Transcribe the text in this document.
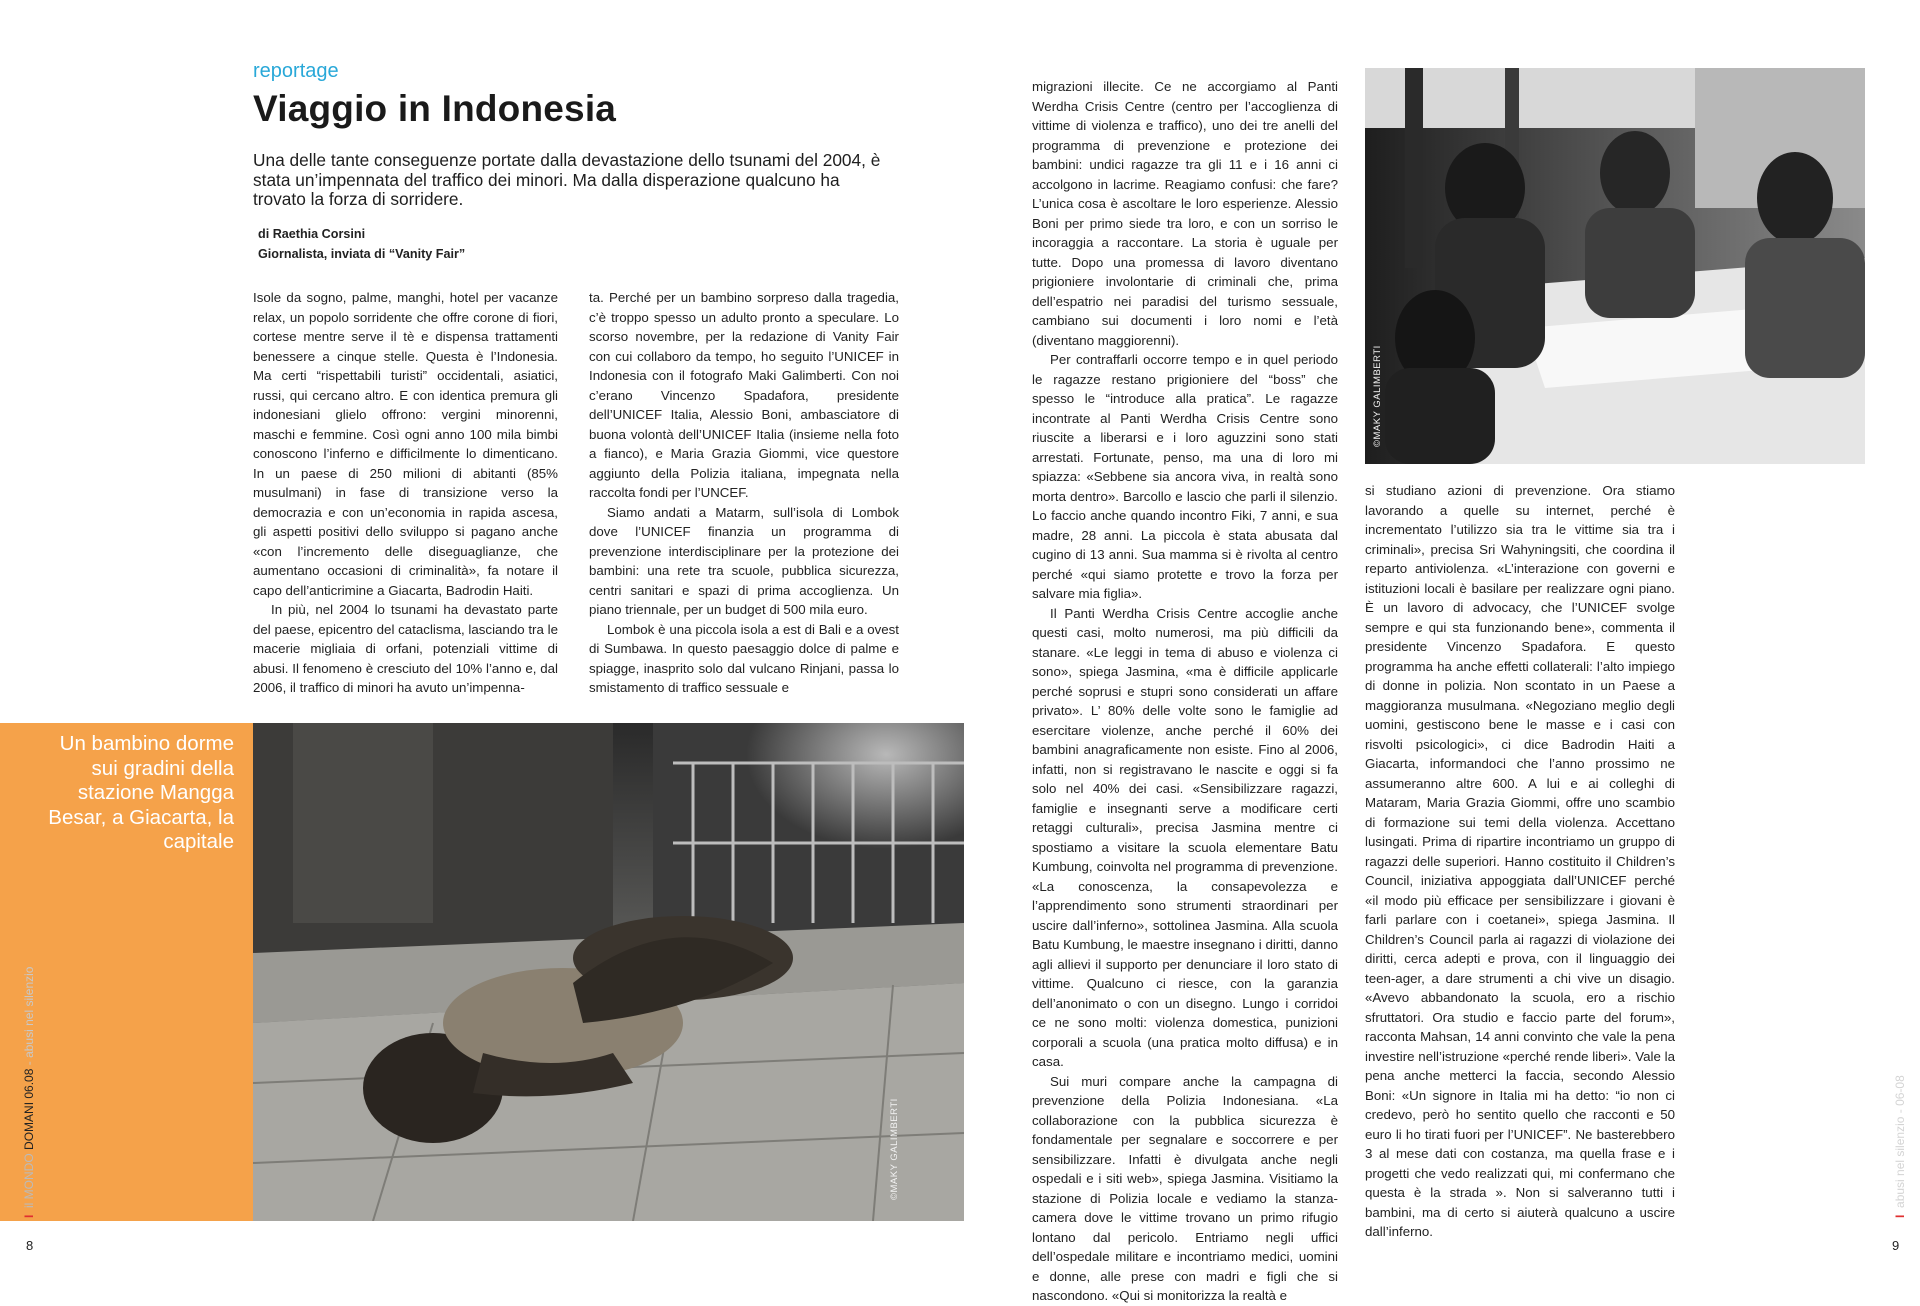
reportage
Viaggio in Indonesia

Una delle tante conseguenze portate dalla devastazione dello tsunami del 2004, è stata un’impennata del traffico dei minori. Ma dalla disperazione qualcuno ha trovato la forza di sorridere.

di Raethia Corsini
Giornalista, inviata di “Vanity Fair”

Isole da sogno, palme, manghi, hotel per vacanze relax, un popolo sorridente che offre corone di fiori, cortese mentre serve il tè e dispensa trattamenti benessere a cinque stelle. Questa è l’Indonesia. Ma certi “rispettabili turisti” occidentali, asiatici, russi, qui cercano altro. E con identica premura gli indonesiani glielo offrono: vergini minorenni, maschi e femmine. Così ogni anno 100 mila bimbi conoscono l’inferno e difficilmente lo dimenticano. In un paese di 250 milioni di abitanti (85% musulmani) in fase di transizione verso la democrazia e con un’economia in rapida ascesa, gli aspetti positivi dello sviluppo si pagano anche «con l’incremento delle diseguaglianze, che aumentano occasioni di criminalità», fa notare il capo dell’anticrimine a Giacarta, Badrodin Haiti.

In più, nel 2004 lo tsunami ha devastato parte del paese, epicentro del cataclisma, lasciando tra le macerie migliaia di orfani, potenziali vittime di abusi. Il fenomeno è cresciuto del 10% l’anno e, dal 2006, il traffico di minori ha avuto un’impenna-

ta. Perché per un bambino sorpreso dalla tragedia, c’è troppo spesso un adulto pronto a speculare. Lo scorso novembre, per la redazione di Vanity Fair con cui collaboro da tempo, ho seguito l’UNICEF in Indonesia con il fotografo Maki Galimberti. Con noi c’erano Vincenzo Spadafora, presidente dell’UNICEF Italia, Alessio Boni, ambasciatore di buona volontà dell’UNICEF Italia (insieme nella foto a fianco), e Maria Grazia Giommi, vice questore aggiunto della Polizia italiana, impegnata nella raccolta fondi per l’UNCEF.

Siamo andati a Matarm, sull’isola di Lombok dove l’UNICEF finanzia un programma di prevenzione interdisciplinare per la protezione dei bambini: una rete tra scuole, pubblica sicurezza, centri sanitari e spazi di prima accoglienza. Un piano triennale, per un budget di 500 mila euro.

Lombok è una piccola isola a est di Bali e a ovest di Sumbawa. In questo paesaggio dolce di palme e spiagge, inasprito solo dal vulcano Rinjani, passa lo smistamento di traffico sessuale e

migrazioni illecite. Ce ne accorgiamo al Panti Werdha Crisis Centre (centro per l’accoglienza di vittime di violenza e traffico), uno dei tre anelli del programma di prevenzione e protezione dei bambini: undici ragazze tra gli 11 e i 16 anni ci accolgono in lacrime. Reagiamo confusi: che fare? L’unica cosa è ascoltare le loro esperienze. Alessio Boni per primo siede tra loro, e con un sorriso le incoraggia a raccontare. La storia è uguale per tutte. Dopo una promessa di lavoro diventano prigioniere involontarie di criminali che, prima dell’espatrio nei paradisi del turismo sessuale, cambiano sui documenti i loro nomi e l’età (diventano maggiorenni).

Per contraffarli occorre tempo e in quel periodo le ragazze restano prigioniere del “boss” che spesso le “introduce alla pratica”. Le ragazze incontrate al Panti Werdha Crisis Centre sono riuscite a liberarsi e i loro aguzzini sono stati arrestati. Fortunate, penso, ma una di loro mi spiazza: «Sebbene sia ancora viva, in realtà sono morta dentro». Barcollo e lascio che parli il silenzio. Lo faccio anche quando incontro Fiki, 7 anni, e sua madre, 28 anni. La piccola è stata abusata dal cugino di 13 anni. Sua mamma si è rivolta al centro perché «qui siamo protette e trovo la forza per salvare mia figlia».

Il Panti Werdha Crisis Centre accoglie anche questi casi, molto numerosi, ma più difficili da stanare. «Le leggi in tema di abuso e violenza ci sono», spiega Jasmina, «ma è difficile applicarle perché soprusi e stupri sono considerati un affare privato». L’ 80% delle volte sono le famiglie ad esercitare violenze, anche perché il 60% dei bambini anagraficamente non esiste. Fino al 2006, infatti, non si registravano le nascite e oggi si fa solo nel 40% dei casi. «Sensibilizzare ragazzi, famiglie e insegnanti serve a modificare certi retaggi culturali», precisa Jasmina mentre ci spostiamo a visitare la scuola elementare Batu Kumbung, coinvolta nel programma di prevenzione. «La conoscenza, la consapevolezza e l’apprendimento sono strumenti straordinari per uscire dall’inferno», sottolinea Jasmina. Alla scuola Batu Kumbung, le maestre insegnano i diritti, danno agli allievi il supporto per denunciare il loro stato di vittime. Qualcuno ci riesce, con la garanzia dell’anonimato o con un disegno. Lungo i corridoi ce ne sono molti: violenza domestica, punizioni corporali a scuola (una pratica molto diffusa) e in casa.

Sui muri compare anche la campagna di prevenzione della Polizia Indonesiana. «La collaborazione con la pubblica sicurezza è fondamentale per segnalare e soccorrere e per sensibilizzare. Infatti è divulgata anche negli ospedali e i siti web», spiega Jasmina. Visitiamo la stazione di Polizia locale e vediamo la stanza-camera dove le vittime trovano un primo rifugio lontano dal pericolo. Entriamo negli uffici dell’ospedale militare e incontriamo medici, uomini e donne, alle prese con madri e figli che si nascondono. «Qui si monitorizza la realtà e

si studiano azioni di prevenzione. Ora stiamo lavorando a quelle su internet, perché è incrementato l’utilizzo sia tra le vittime sia tra i criminali», precisa Sri Wahyningsiti, che coordina il reparto antiviolenza. «L’interazione con governi e istituzioni locali è basilare per realizzare ogni piano. È un lavoro di advocacy, che l’UNICEF svolge sempre e qui sta funzionando bene», commenta il presidente Vincenzo Spadafora. E questo programma ha anche effetti collaterali: l’alto impiego di donne in polizia. Non scontato in un Paese a maggioranza musulmana. «Negoziano meglio degli uomini, gestiscono bene le masse e i casi con risvolti psicologici», ci dice Badrodin Haiti a Giacarta, informandoci che l’anno prossimo ne assumeranno altre 600. A lui e ai colleghi di Mataram, Maria Grazia Giommi, offre uno scambio di formazione sui temi della violenza. Accettano lusingati. Prima di ripartire incontriamo un gruppo di ragazzi delle superiori. Hanno costituito il Children’s Council, iniziativa appoggiata dall’UNICEF perché «il modo più efficace per sensibilizzare i giovani è farli parlare con i coetanei», spiega Jasmina. Il Children’s Council parla ai ragazzi di violazione dei diritti, cerca adepti e prova, con il linguaggio dei teen-ager, a dare strumenti a chi vive un disagio. «Avevo abbandonato la scuola, ero a rischio sfruttatori. Ora studio e faccio parte del forum», racconta Mahsan, 14 anni convinto che vale la pena investire nell’istruzione «perché rende liberi». Vale la pena anche metterci la faccia, secondo Alessio Boni: «Un signore in Italia mi ha detto: “io non ci credevo, però ho sentito quello che racconti e 50 euro li ho tirati fuori per l’UNICEF”. Ne basterebbero 3 al mese dati con costanza, ma quella frase e i progetti che vedo realizzati qui, mi confermano che questa è la strada ». Non si salveranno tutti i bambini, ma di certo si aiuterà qualcuno a uscire dall’inferno.

Un bambino dorme sui gradini della stazione Mangga Besar, a Giacarta, la capitale
©MAKY GALIMBERTI
©MAKY GALIMBERTI
I  il MONDO DOMANI 06.08 - abusi nel silenzio
8
I  abusi nel silenzio - 06-08
9
